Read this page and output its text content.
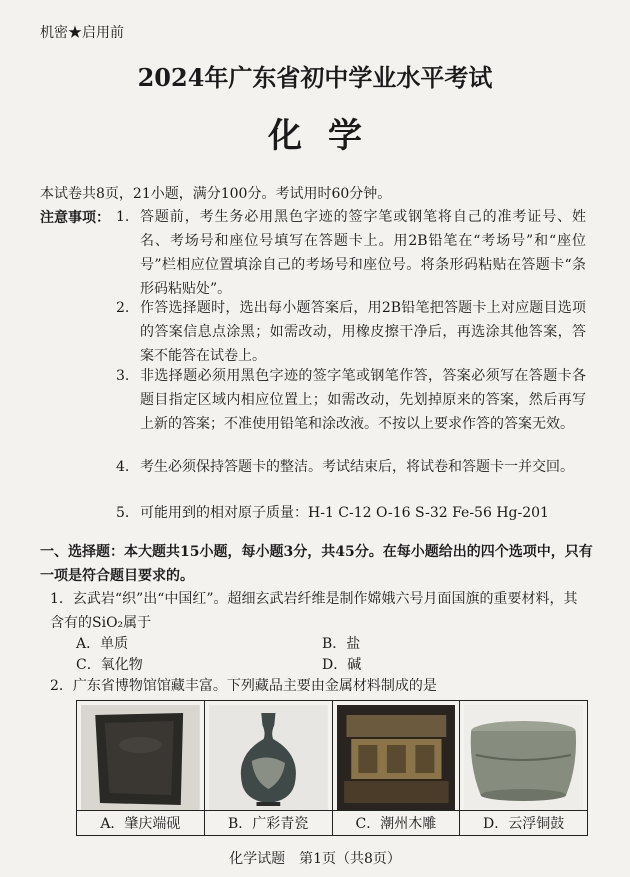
机密★启用前
2024年广东省初中学业水平考试
化学
本试卷共8页，21小题，满分100分。考试用时60分钟。
注意事项： 1. 答题前，考生务必用黑色字迹的签字笔或钢笔将自己的准考证号、姓名、考场号和座位号填写在答题卡上。用2B铅笔在“考场号”和“座位号”栏相应位置填涂自己的考场号和座位号。将条形码粘贴在答题卡“条形码粘贴处”。
2. 作答选择题时，选出每小题答案后，用2B铅笔把答题卡上对应题目选项的答案信息点涂黑；如需改动，用橡皮擦干净后，再选涂其他答案，答案不能答在试卷上。
3. 非选择题必须用黑色字迹的签字笔或钢笔作答，答案必须写在答题卡各题目指定区域内相应位置上；如需改动，先划掉原来的答案，然后再写上新的答案；不准使用铅笔和涂改液。不按以上要求作答的答案无效。
4. 考生必须保持答题卡的整洁。考试结束后，将试卷和答题卡一并交回。
5. 可能用到的相对原子质量：H-1 C-12 O-16 S-32 Fe-56 Hg-201
一、选择题：本大题共15小题，每小题3分，共45分。在每小题给出的四个选项中，只有一项是符合题目要求的。
1．玄武岩“织”出“中国红”。超细玄武岩纤维是制作嫦娥六号月面国旗的重要材料，其含有的SiO₂属于
A．单质	B．盐
C．氧化物	D．碱
2．广东省博物馆馆藏丰富。下列藏品主要由金属材料制成的是
A．肇庆端砚	B．广彩青瓷	C．潮州木雕	D．云浮铜鼓
化学试题　第1页（共8页）
